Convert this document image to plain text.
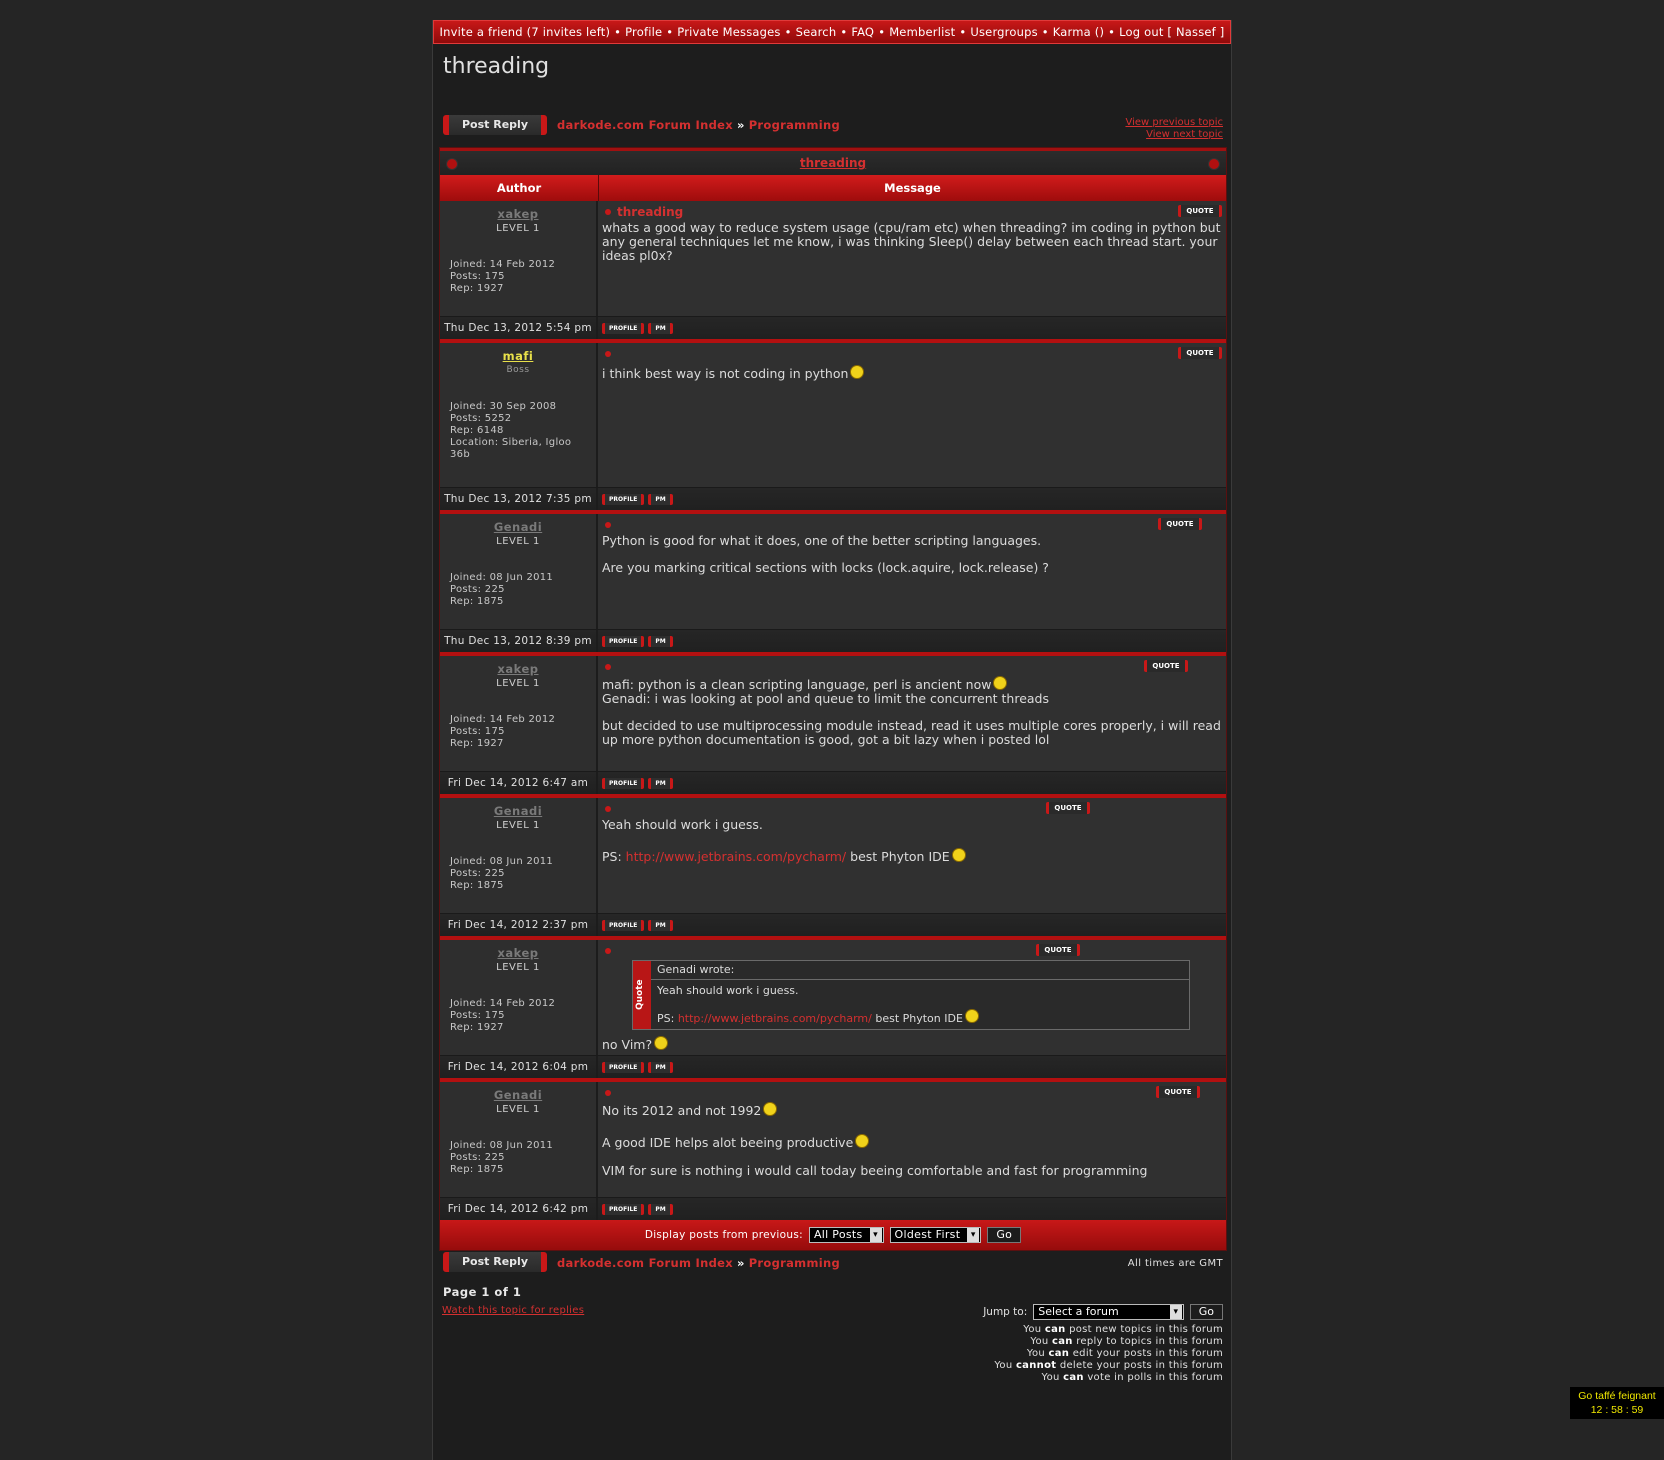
Invite a friend (7 invites left) • Profile • Private Messages • Search • FAQ • Memberlist • Usergroups • Karma () • Log out [ Nassef ]
threading
Post Reply	darkode.com Forum Index » Programming	View previous topic
View next topic
threading
Author	Message
xakep
LEVEL 1
Joined: 14 Feb 2012
Posts: 175
Rep: 1927
threading

whats a good way to reduce system usage (cpu/ram etc) when threading? im coding in python but any general techniques let me know, i was thinking Sleep() delay between each thread start. your ideas pl0x?

QUOTE
Thu Dec 13, 2012 5:54 pm	PROFILE	PM
mafi
Boss
Joined: 30 Sep 2008
Posts: 5252
Rep: 6148
Location: Siberia, Igloo 36b

i think best way is not coding in python

QUOTE
Thu Dec 13, 2012 7:35 pm	PROFILE	PM
Genadi
LEVEL 1
Joined: 08 Jun 2011
Posts: 225
Rep: 1875

Python is good for what it does, one of the better scripting languages.

Are you marking critical sections with locks (lock.aquire, lock.release) ?

QUOTE
Thu Dec 13, 2012 8:39 pm	PROFILE	PM
xakep
LEVEL 1
Joined: 14 Feb 2012
Posts: 175
Rep: 1927

mafi: python is a clean scripting language, perl is ancient now

Genadi: i was looking at pool and queue to limit the concurrent threads

but decided to use multiprocessing module instead, read it uses multiple cores properly, i will read up more python documentation is good, got a bit lazy when i posted lol

QUOTE
Fri Dec 14, 2012 6:47 am	PROFILE	PM
Genadi
LEVEL 1
Joined: 08 Jun 2011
Posts: 225
Rep: 1875

Yeah should work i guess.

PS: http://www.jetbrains.com/pycharm/ best Phyton IDE

QUOTE
Fri Dec 14, 2012 2:37 pm	PROFILE	PM
xakep
LEVEL 1
Joined: 14 Feb 2012
Posts: 175
Rep: 1927
Quote
Genadi wrote:
Yeah should work i guess.
PS: http://www.jetbrains.com/pycharm/ best Phyton IDE

no Vim?

QUOTE
Fri Dec 14, 2012 6:04 pm	PROFILE	PM
Genadi
LEVEL 1
Joined: 08 Jun 2011
Posts: 225
Rep: 1875

No its 2012 and not 1992

A good IDE helps alot beeing productive

VIM for sure is nothing i would call today beeing comfortable and fast for programming

QUOTE
Fri Dec 14, 2012 6:42 pm	PROFILE	PM
Display posts from previous:	All Posts ▾	Oldest First ▾	Go
Post Reply	darkode.com Forum Index » Programming	All times are GMT
Page 1 of 1
Watch this topic for replies	Jump to:	Select a forum ▾	Go
You can post new topics in this forum
You can reply to topics in this forum
You can edit your posts in this forum
You cannot delete your posts in this forum
You can vote in polls in this forum
Go taffé feignant
12 : 58 : 59
